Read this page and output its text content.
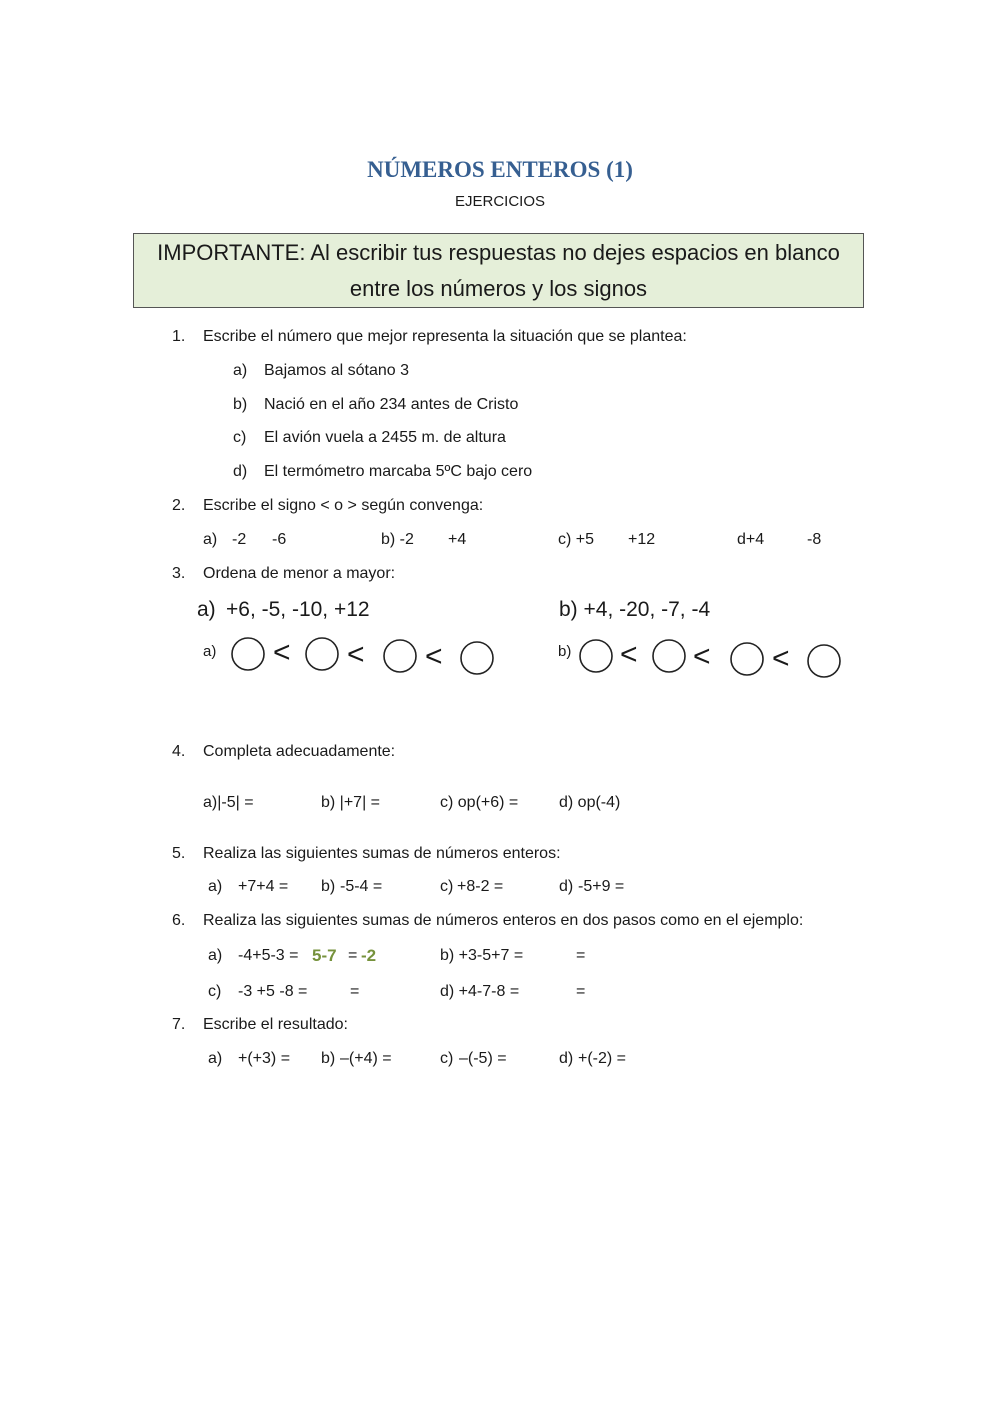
NÚMEROS ENTEROS (1)
EJERCICIOS
IMPORTANTE: Al escribir tus respuestas no dejes espacios en blanco
entre los números y los signos
1. Escribe el número que mejor representa la situación que se plantea:
a) Bajamos al sótano 3
b) Nació en el año 234 antes de Cristo
c) El avión vuela a 2455 m. de altura
d) El termómetro marcaba 5ºC bajo cero
2. Escribe el signo < o > según convenga:
a) -2 -6	b) -2 +4	c) +5 +12	d+4	-8
3. Ordena de menor a mayor:
a) +6, -5, -10, +12	b) +4, -20, -7, -4
a)	b)
< < <	< < <
4. Completa adecuadamente:
a)|-5| =	b) |+7| =	c) op(+6) =	d) op(-4)
5. Realiza las siguientes sumas de números enteros:
a) +7+4 = b) -5-4 =	c) +8-2 =	d) -5+9 =
6. Realiza las siguientes sumas de números enteros en dos pasos como en el ejemplo:
a) -4+5-3 = 5-7 = -2	b) +3-5+7 =	=
c) -3 +5 -8 =	=	d) +4-7-8 =	=
7. Escribe el resultado:
a) +(+3) = b) –(+4) =	c) –(-5) =	d) +(-2) =
